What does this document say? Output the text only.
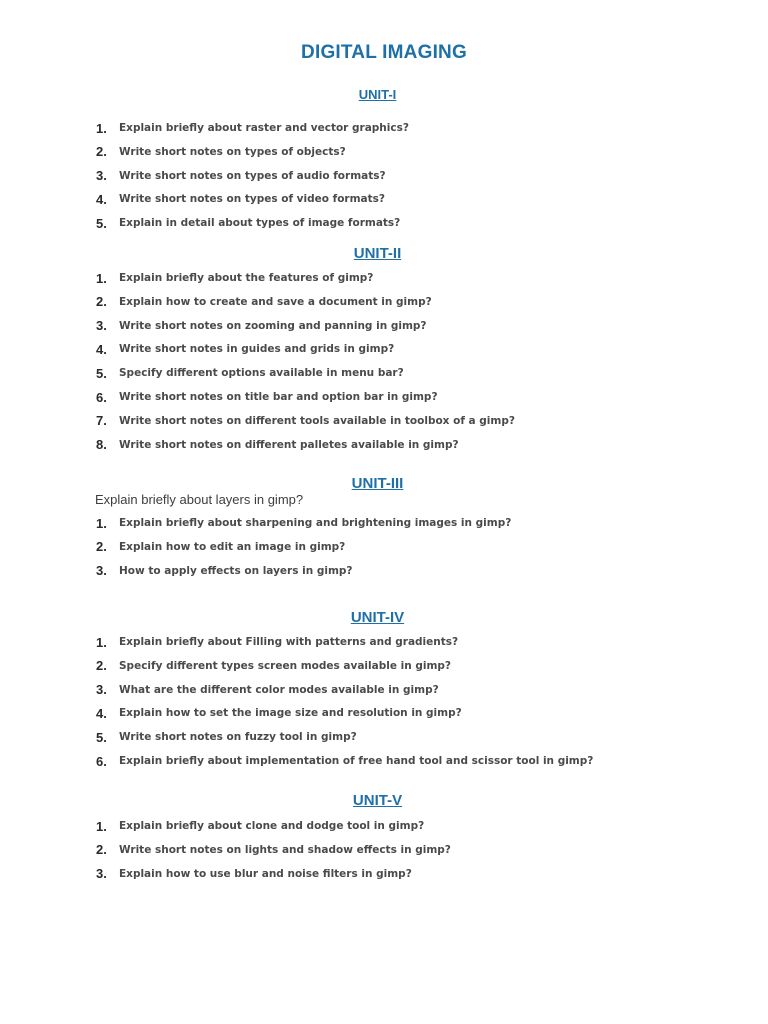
DIGITAL IMAGING
UNIT-I
UNIT-II
UNIT-III
Explain briefly about layers in gimp?
UNIT-IV
UNIT-V
1.	Explain briefly about raster and vector graphics?
2.	Write short notes on types of objects?
3.	Write short notes on types of audio formats?
4.	Write short notes on types of video formats?
5.	Explain in detail about types of image formats?
1.	Explain briefly about the features of gimp?
2.	Explain how to create and save a document in gimp?
3.	Write short notes on zooming and panning in gimp?
4.	Write short notes in guides and grids in gimp?
5.	Specify different options available in menu bar?
6.	Write short notes on title bar and option bar in gimp?
7.	Write short notes on different tools available in toolbox of a gimp?
8.	Write short notes on different palletes available in gimp?
1.	Explain briefly about sharpening and brightening images in gimp?
2.	Explain how to edit an image in gimp?
3.	How to apply effects on layers in gimp?
1.	Explain briefly about Filling with patterns and gradients?
2.	Specify different types screen modes available in gimp?
3.	What are the different color modes available in gimp?
4.	Explain how to set the image size and resolution in gimp?
5.	Write short notes on fuzzy tool in gimp?
6.	Explain briefly about implementation of free hand tool and scissor tool in gimp?
1.	Explain briefly about clone and dodge tool in gimp?
2.	Write short notes on lights and shadow effects in gimp?
3.	Explain how to use blur and noise filters in gimp?
